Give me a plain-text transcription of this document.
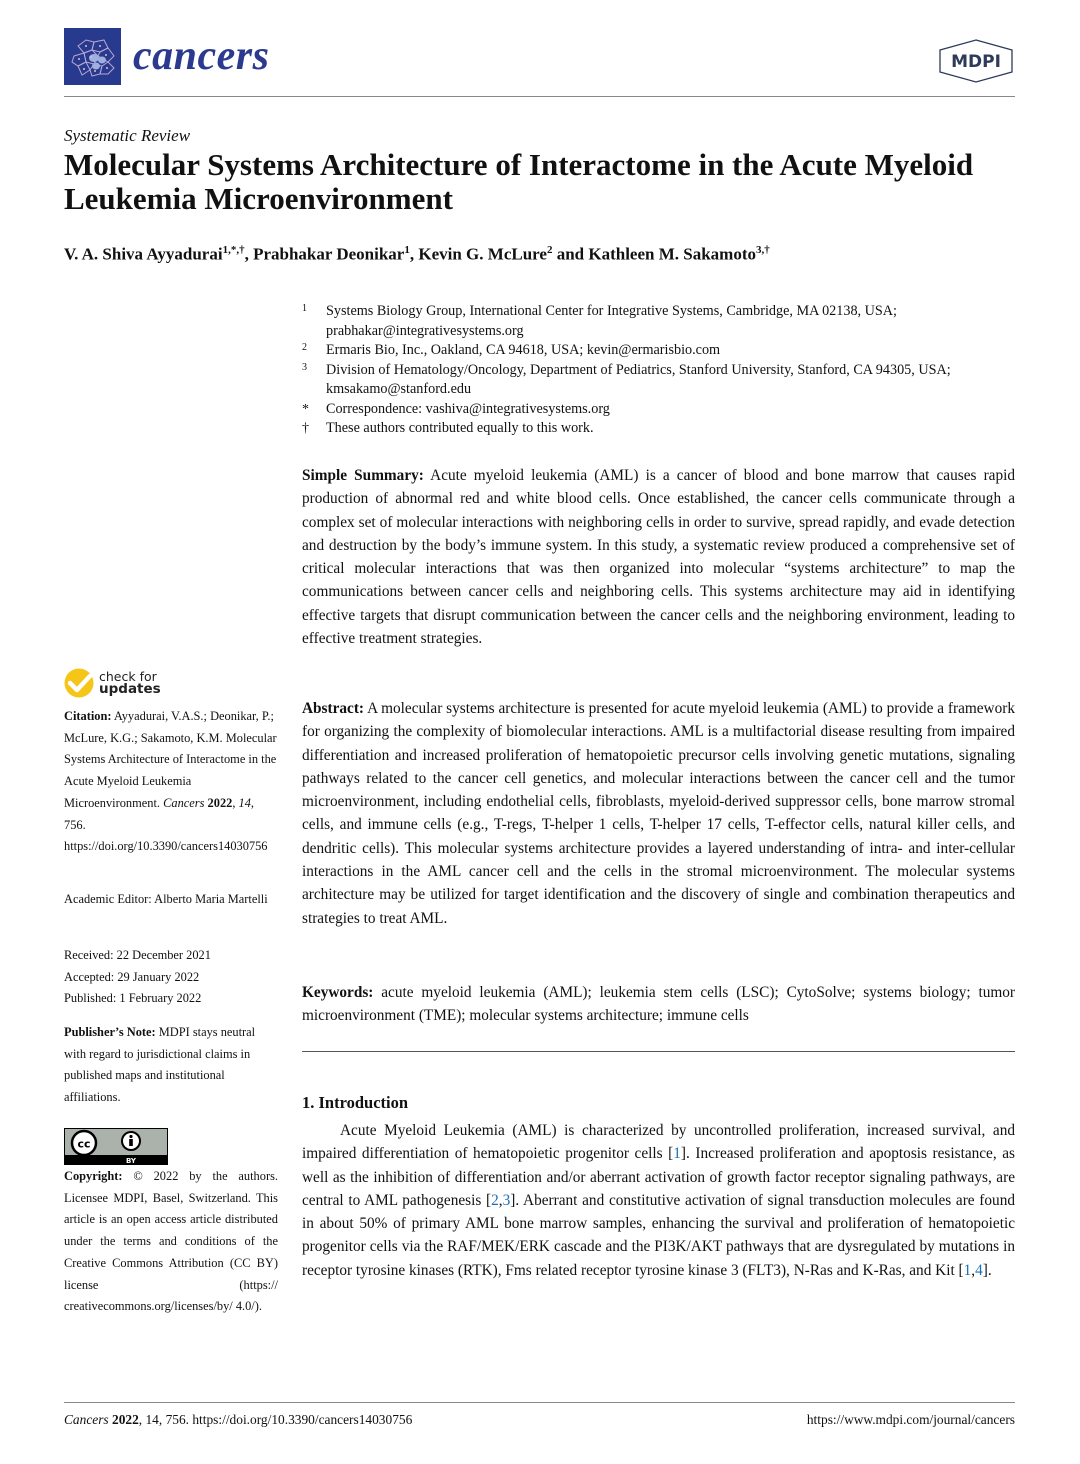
cancers	MDPI
Systematic Review
Molecular Systems Architecture of Interactome in the Acute Myeloid Leukemia Microenvironment
V. A. Shiva Ayyadurai$^{1,*,\dagger}$, Prabhakar Deonikar$^1$, Kevin G. McLure$^2$ and Kathleen M. Sakamoto$^{3,\dagger}$
1	Systems Biology Group, International Center for Integrative Systems, Cambridge, MA 02138, USA; prabhakar@integrativesystems.org
2	Ermaris Bio, Inc., Oakland, CA 94618, USA; kevin@ermarisbio.com
3	Division of Hematology/Oncology, Department of Pediatrics, Stanford University, Stanford, CA 94305, USA; kmsakamo@stanford.edu
*	Correspondence: vashiva@integrativesystems.org
†	These authors contributed equally to this work.
Simple Summary: Acute myeloid leukemia (AML) is a cancer of blood and bone marrow that causes rapid production of abnormal red and white blood cells. Once established, the cancer cells communicate through a complex set of molecular interactions with neighboring cells in order to survive, spread rapidly, and evade detection and destruction by the body’s immune system. In this study, a systematic review produced a comprehensive set of critical molecular interactions that was then organized into molecular “systems architecture” to map the communications between cancer cells and neighboring cells. This systems architecture may aid in identifying effective targets that disrupt communication between the cancer cells and the neighboring environment, leading to effective treatment strategies.
Abstract: A molecular systems architecture is presented for acute myeloid leukemia (AML) to provide a framework for organizing the complexity of biomolecular interactions. AML is a multifactorial disease resulting from impaired differentiation and increased proliferation of hematopoietic precursor cells involving genetic mutations, signaling pathways related to the cancer cell genetics, and molecular interactions between the cancer cell and the tumor microenvironment, including endothelial cells, fibroblasts, myeloid-derived suppressor cells, bone marrow stromal cells, and immune cells (e.g., T-regs, T-helper 1 cells, T-helper 17 cells, T-effector cells, natural killer cells, and dendritic cells). This molecular systems architecture provides a layered understanding of intra- and inter-cellular interactions in the AML cancer cell and the cells in the stromal microenvironment. The molecular systems architecture may be utilized for target identification and the discovery of single and combination therapeutics and strategies to treat AML.
Keywords: acute myeloid leukemia (AML); leukemia stem cells (LSC); CytoSolve; systems biology; tumor microenvironment (TME); molecular systems architecture; immune cells
1. Introduction

Acute Myeloid Leukemia (AML) is characterized by uncontrolled proliferation, increased survival, and impaired differentiation of hematopoietic progenitor cells [1]. Increased proliferation and apoptosis resistance, as well as the inhibition of differentiation and/or aberrant activation of growth factor receptor signaling pathways, are central to AML pathogenesis [2,3]. Aberrant and constitutive activation of signal transduction molecules are found in about 50% of primary AML bone marrow samples, enhancing the survival and proliferation of hematopoietic progenitor cells via the RAF/MEK/ERK cascade and the PI3K/AKT pathways that are dysregulated by mutations in receptor tyrosine kinases (RTK), Fms related receptor tyrosine kinase 3 (FLT3), N-Ras and K-Ras, and Kit [1,4].

check for
updates
Citation: Ayyadurai, V.A.S.; Deonikar, P.; McLure, K.G.; Sakamoto, K.M. Molecular Systems Architecture of Interactome in the Acute Myeloid Leukemia Microenvironment. Cancers 2022, 14, 756. https://doi.org/10.3390/cancers14030756
Academic Editor: Alberto Maria Martelli
Received: 22 December 2021
Accepted: 29 January 2022
Published: 1 February 2022
Publisher’s Note: MDPI stays neutral with regard to jurisdictional claims in published maps and institutional affiliations.
cc
BY
Copyright: © 2022 by the authors. Licensee MDPI, Basel, Switzerland. This article is an open access article distributed under the terms and conditions of the Creative Commons Attribution (CC BY) license (https:// creativecommons.org/licenses/by/ 4.0/).
Cancers 2022, 14, 756. https://doi.org/10.3390/cancers14030756	https://www.mdpi.com/journal/cancers
